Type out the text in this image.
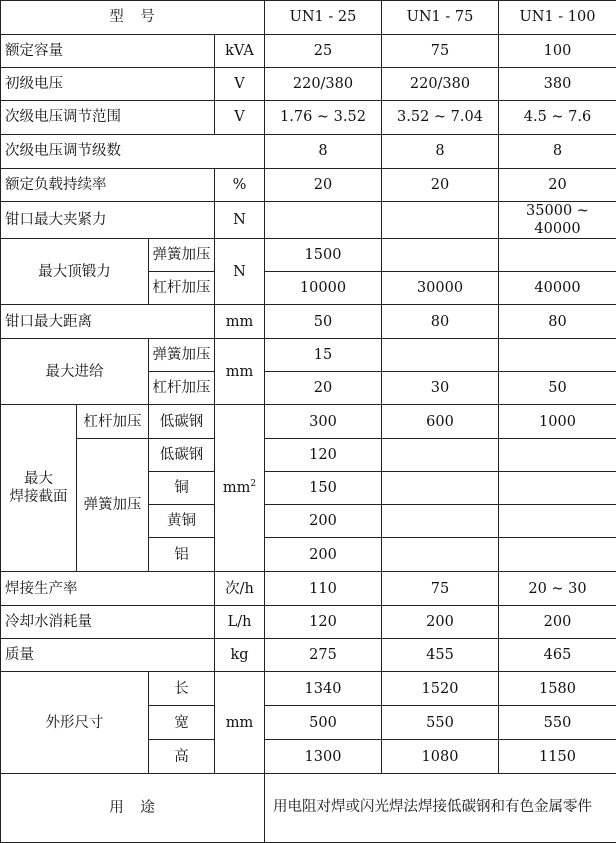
型　号				UN1 - 25	UN1 - 75	UN1 - 100
额定容量			kVA	25	75	100
初级电压			V	220/380	220/380	380
次级电压调节范围			V	1.76 ~ 3.52	3.52 ~ 7.04	4.5 ~ 7.6
次级电压调节级数				8	8	8
额定负载持续率			%	20	20	20
钳口最大夹紧力			N			35000 ~ 40000
最大顶锻力		弹簧加压	N	1500		
		杠杆加压		10000	30000	40000
钳口最大距离			mm	50	80	80
最大进给		弹簧加压	mm	15		
		杠杆加压		20	30	50
最大
焊接截面	杠杆加压	低碳钢	$mm^2$	300	600	1000
	弹簧加压	低碳钢		120		
		铜		150		
		黄铜		200		
		铝		200		
焊接生产率			次/h	110	75	20 ~ 30
冷却水消耗量			L/h	120	200	200
质量			kg	275	455	465
外形尺寸		长	mm	1340	1520	1580
		宽		500	550	550
		高		1300	1080	1150
用　途				用电阻对焊或闪光焊法焊接低碳钢和有色金属零件		
